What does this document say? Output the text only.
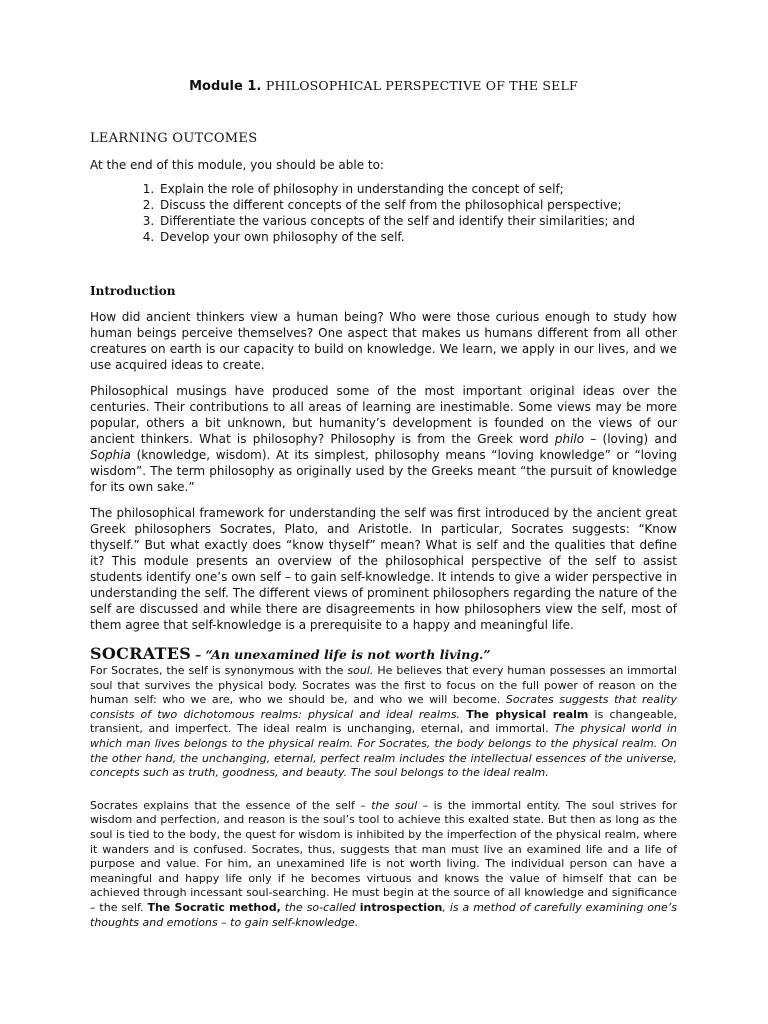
Module 1. PHILOSOPHICAL PERSPECTIVE OF THE SELF

LEARNING OUTCOMES

At the end of this module, you should be able to:

1. Explain the role of philosophy in understanding the concept of self;
2. Discuss the different concepts of the self from the philosophical perspective;
3. Differentiate the various concepts of the self and identify their similarities; and
4. Develop your own philosophy of the self.
Introduction

How did ancient thinkers view a human being? Who were those curious enough to study how human beings perceive themselves? One aspect that makes us humans different from all other creatures on earth is our capacity to build on knowledge. We learn, we apply in our lives, and we use acquired ideas to create.

Philosophical musings have produced some of the most important original ideas over the centuries. Their contributions to all areas of learning are inestimable. Some views may be more popular, others a bit unknown, but humanity’s development is founded on the views of our ancient thinkers. What is philosophy? Philosophy is from the Greek word philo – (loving) and Sophia (knowledge, wisdom). At its simplest, philosophy means “loving knowledge” or “loving wisdom”. The term philosophy as originally used by the Greeks meant “the pursuit of knowledge for its own sake.”

The philosophical framework for understanding the self was first introduced by the ancient great Greek philosophers Socrates, Plato, and Aristotle. In particular, Socrates suggests: “Know thyself.” But what exactly does “know thyself” mean? What is self and the qualities that define it? This module presents an overview of the philosophical perspective of the self to assist students identify one’s own self – to gain self-knowledge. It intends to give a wider perspective in understanding the self. The different views of prominent philosophers regarding the nature of the self are discussed and while there are disagreements in how philosophers view the self, most of them agree that self-knowledge is a prerequisite to a happy and meaningful life.

SOCRATES – “An unexamined life is not worth living.”

For Socrates, the self is synonymous with the soul. He believes that every human possesses an immortal soul that survives the physical body. Socrates was the first to focus on the full power of reason on the human self: who we are, who we should be, and who we will become. Socrates suggests that reality consists of two dichotomous realms: physical and ideal realms. The physical realm is changeable, transient, and imperfect. The ideal realm is unchanging, eternal, and immortal. The physical world in which man lives belongs to the physical realm. For Socrates, the body belongs to the physical realm. On the other hand, the unchanging, eternal, perfect realm includes the intellectual essences of the universe, concepts such as truth, goodness, and beauty. The soul belongs to the ideal realm.

Socrates explains that the essence of the self – the soul – is the immortal entity. The soul strives for wisdom and perfection, and reason is the soul’s tool to achieve this exalted state. But then as long as the soul is tied to the body, the quest for wisdom is inhibited by the imperfection of the physical realm, where it wanders and is confused. Socrates, thus, suggests that man must live an examined life and a life of purpose and value. For him, an unexamined life is not worth living. The individual person can have a meaningful and happy life only if he becomes virtuous and knows the value of himself that can be achieved through incessant soul-searching. He must begin at the source of all knowledge and significance – the self. The Socratic method, the so-called introspection, is a method of carefully examining one’s thoughts and emotions – to gain self-knowledge.
